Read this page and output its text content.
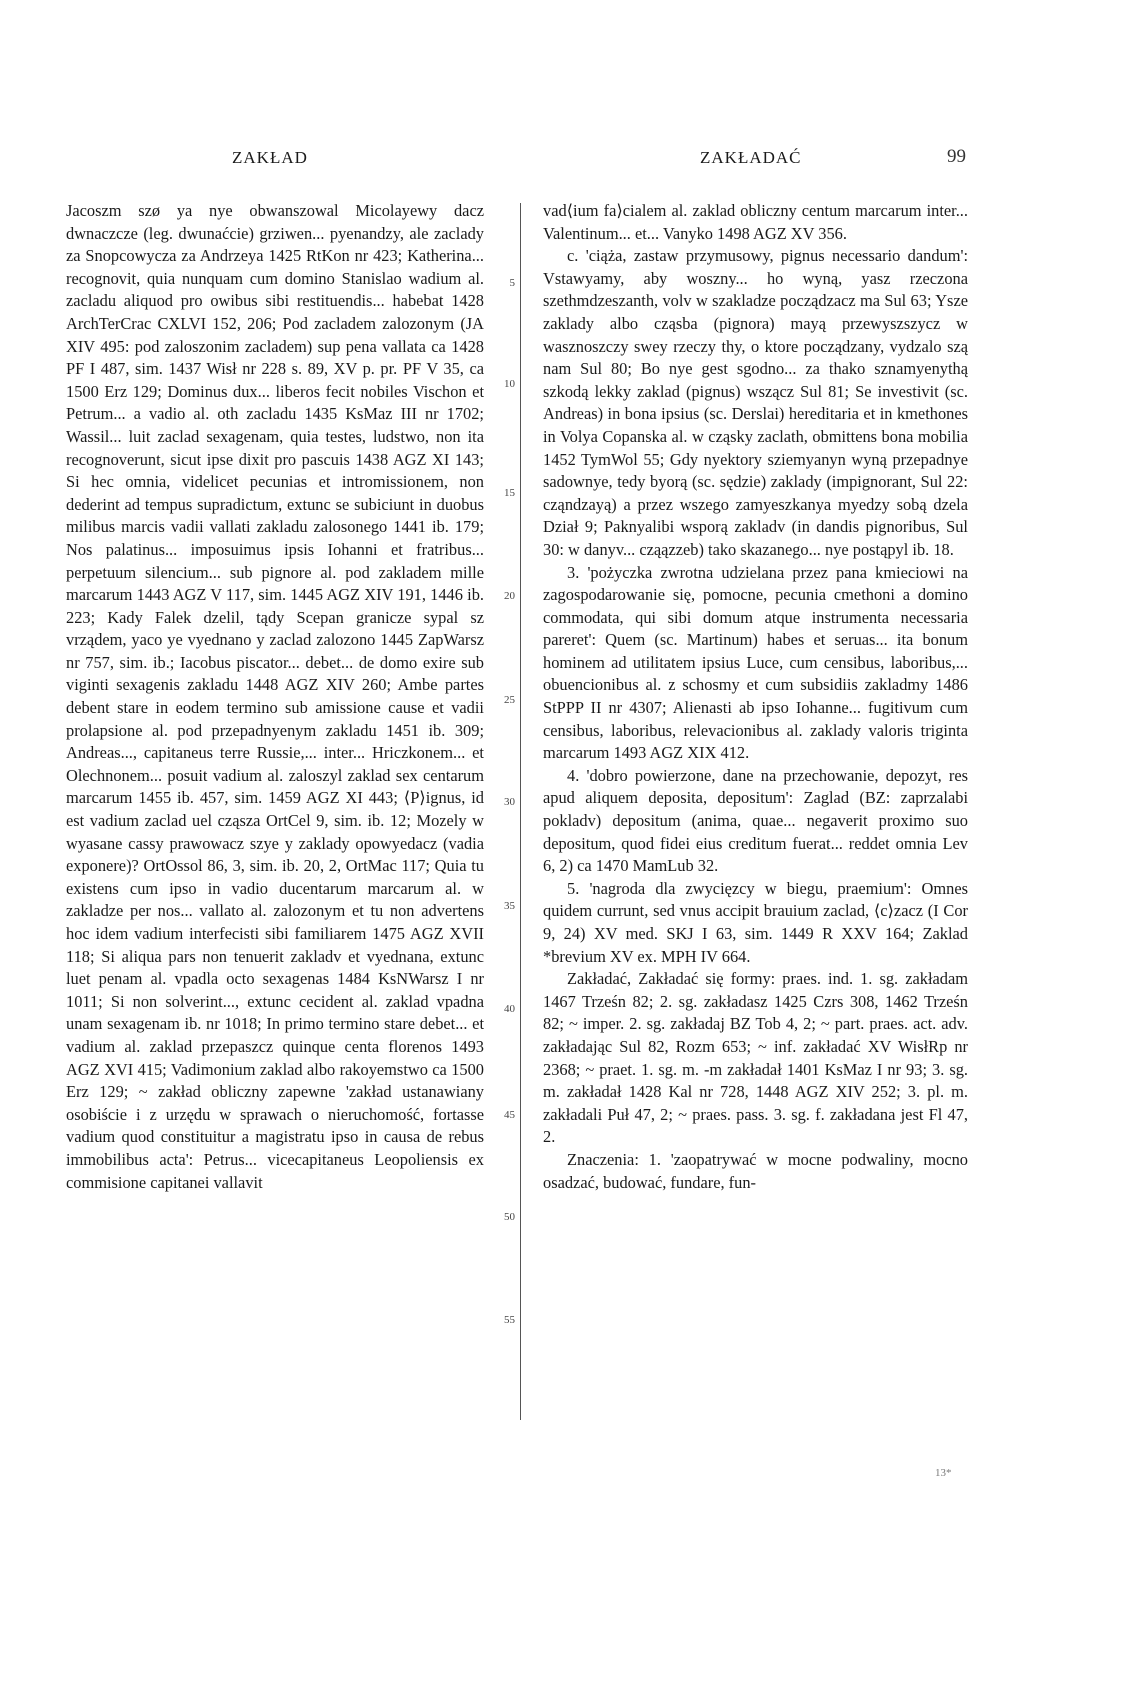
ZAKŁAD	ZAKŁADAĆ	99

Jacoszm szø ya nye obwanszowal Micolayewy dacz dwnaczcze (leg. dwunaćcie) grziwen... pyenandzy, ale zaclady za Snopcowycza za Andrzeya 1425 RtKon nr 423; Katherina... recognovit, quia nunquam cum domino Stanislao wadium al. zacladu aliquod pro owibus sibi restituendis... habebat 1428 ArchTerCrac CXLVI 152, 206; Pod zacladem zalozonym (JA XIV 495: pod zaloszonim zacladem) sup pena vallata ca 1428 PF I 487, sim. 1437 Wisł nr 228 s. 89, XV p. pr. PF V 35, ca 1500 Erz 129; Dominus dux... liberos fecit nobiles Vischon et Petrum... a vadio al. oth zacladu 1435 KsMaz III nr 1702; Wassil... luit zaclad sexagenam, quia testes, ludstwo, non ita recognoverunt, sicut ipse dixit pro pascuis 1438 AGZ XI 143; Si hec omnia, videlicet pecunias et intromissionem, non dederint ad tempus supradictum, extunc se subiciunt in duobus milibus marcis vadii vallati zakladu zalosonego 1441 ib. 179; Nos palatinus... imposuimus ipsis Iohanni et fratribus... perpetuum silencium... sub pignore al. pod zakladem mille marcarum 1443 AGZ V 117, sim. 1445 AGZ XIV 191, 1446 ib. 223; Kady Falek dzelil, tądy Scepan granicze sypal sz vrządem, yaco ye vyednano y zaclad zalozono 1445 ZapWarsz nr 757, sim. ib.; Iacobus piscator... debet... de domo exire sub viginti sexagenis zakladu 1448 AGZ XIV 260; Ambe partes debent stare in eodem termino sub amissione cause et vadii prolapsione al. pod przepadnyenym zakladu 1451 ib. 309; Andreas..., capitaneus terre Russie,... inter... Hriczkonem... et Olechnonem... posuit vadium al. zaloszyl zaklad sex centarum marcarum 1455 ib. 457, sim. 1459 AGZ XI 443; ⟨P⟩ignus, id est vadium zaclad uel cząsza OrtCel 9, sim. ib. 12; Mozely w wyasane cassy prawowacz szye y zaklady opowyedacz (vadia exponere)? OrtOssol 86, 3, sim. ib. 20, 2, OrtMac 117; Quia tu existens cum ipso in vadio ducentarum marcarum al. w zakladze per nos... vallato al. zalozonym et tu non advertens hoc idem vadium interfecisti sibi familiarem 1475 AGZ XVII 118; Si aliqua pars non tenuerit zakladv et vyednana, extunc luet penam al. vpadla octo sexagenas 1484 KsNWarsz I nr 1011; Si non solverint..., extunc cecident al. zaklad vpadna unam sexagenam ib. nr 1018; In primo termino stare debet... et vadium al. zaklad przepaszcz quinque centa florenos 1493 AGZ XVI 415; Vadimonium zaklad albo rakoyemstwo ca 1500 Erz 129; ~ zakład obliczny zapewne 'zakład ustanawiany osobiście i z urzędu w sprawach o nieruchomość, fortasse vadium quod constituitur a magistratu ipso in causa de rebus immobilibus acta': Petrus... vicecapitaneus Leopoliensis ex commisione capitanei vallavit

5
10
15
20
25
30
35
40
45
50
55

vad⟨ium fa⟩cialem al. zaklad obliczny centum marcarum inter... Valentinum... et... Vanyko 1498 AGZ XV 356.

c. 'ciąża, zastaw przymusowy, pignus necessario dandum': Vstawyamy, aby woszny... ho wyną, yasz rzeczona szethmdzeszanth, volv w szakladze począdzacz ma Sul 63; Ysze zaklady albo cząsba (pignora) mayą przewyszszycz w wasznoszczy swey rzeczy thy, o ktore począdzany, vydzalo szą nam Sul 80; Bo nye gest sgodno... za thako sznamyenythą szkodą lekky zaklad (pignus) wszącz Sul 81; Se investivit (sc. Andreas) in bona ipsius (sc. Derslai) hereditaria et in kmethones in Volya Copanska al. w cząsky zaclath, obmittens bona mobilia 1452 TymWol 55; Gdy nyektory sziemyanyn wyną przepadnye sadownye, tedy byorą (sc. sędzie) zaklady (impignorant, Sul 22: cząndzayą) a przez wszego zamyeszkanya myedzy sobą dzela Dział 9; Paknyalibi wsporą zakladv (in dandis pignoribus, Sul 30: w danyv... cząązzeb) tako skazanego... nye postąpyl ib. 18.

3. 'pożyczka zwrotna udzielana przez pana kmieciowi na zagospodarowanie się, pomocne, pecunia cmethoni a domino commodata, qui sibi domum atque instrumenta necessaria pareret': Quem (sc. Martinum) habes et seruas... ita bonum hominem ad utilitatem ipsius Luce, cum censibus, laboribus,... obuencionibus al. z schosmy et cum subsidiis zakladmy 1486 StPPP II nr 4307; Alienasti ab ipso Iohanne... fugitivum cum censibus, laboribus, relevacionibus al. zaklady valoris triginta marcarum 1493 AGZ XIX 412.

4. 'dobro powierzone, dane na przechowanie, depozyt, res apud aliquem deposita, depositum': Zaglad (BZ: zaprzalabi pokladv) depositum (anima, quae... negaverit proximo suo depositum, quod fidei eius creditum fuerat... reddet omnia Lev 6, 2) ca 1470 MamLub 32.

5. 'nagroda dla zwycięzcy w biegu, praemium': Omnes quidem currunt, sed vnus accipit brauium zaclad, ⟨c⟩zacz (I Cor 9, 24) XV med. SKJ I 63, sim. 1449 R XXV 164; Zaklad *brevium XV ex. MPH IV 664.

Zakładać, Zakładać się formy: praes. ind. 1. sg. zakładam 1467 Trześn 82; 2. sg. zakładasz 1425 Czrs 308, 1462 Trześn 82; ~ imper. 2. sg. zakładaj BZ Tob 4, 2; ~ part. praes. act. adv. zakładając Sul 82, Rozm 653; ~ inf. zakładać XV WisłRp nr 2368; ~ praet. 1. sg. m. -m zakładał 1401 KsMaz I nr 93; 3. sg. m. zakładał 1428 Kal nr 728, 1448 AGZ XIV 252; 3. pl. m. zakładali Puł 47, 2; ~ praes. pass. 3. sg. f. zakładana jest Fl 47, 2.

Znaczenia: 1. 'zaopatrywać w mocne podwaliny, mocno osadzać, budować, fundare, fun-

13*
